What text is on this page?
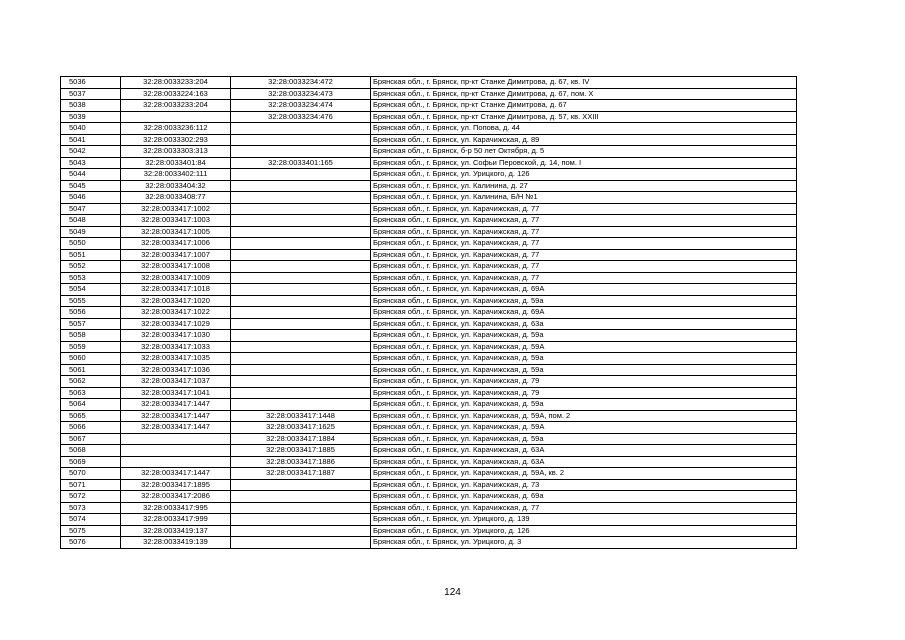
5036	32:28:0033233:204	32:28:0033234:472	Брянская обл., г. Брянск, пр-кт Станке Димитрова, д. 67, кв. IV
5037	32:28:0033224:163	32:28:0033234:473	Брянская обл., г. Брянск, пр-кт Станке Димитрова, д. 67, пом. X
5038	32:28:0033233:204	32:28:0033234:474	Брянская обл., г. Брянск, пр-кт Станке Димитрова, д. 67
5039		32:28:0033234:476	Брянская обл., г. Брянск, пр-кт Станке Димитрова, д. 57, кв. XXIII
5040	32:28:0033236:112		Брянская обл., г. Брянск, ул. Попова, д. 44
5041	32:28:0033302:293		Брянская обл., г. Брянск, ул. Карачижская, д. 89
5042	32:28:0033303:313		Брянская обл., г. Брянск, б-р 50 лет Октября, д. 5
5043	32:28:0033401:84	32:28:0033401:165	Брянская обл., г. Брянск, ул. Софьи Перовской, д. 14, пом. I
5044	32:28:0033402:111		Брянская обл., г. Брянск, ул. Урицкого, д. 126
5045	32:28:0033404:32		Брянская обл., г. Брянск, ул. Калинина, д. 27
5046	32:28:0033408:77		Брянская обл., г. Брянск, ул. Калинина, Б/Н №1
5047	32:28:0033417:1002		Брянская обл., г. Брянск, ул. Карачижская, д. 77
5048	32:28:0033417:1003		Брянская обл., г. Брянск, ул. Карачижская, д. 77
5049	32:28:0033417:1005		Брянская обл., г. Брянск, ул. Карачижская, д. 77
5050	32:28:0033417:1006		Брянская обл., г. Брянск, ул. Карачижская, д. 77
5051	32:28:0033417:1007		Брянская обл., г. Брянск, ул. Карачижская, д. 77
5052	32:28:0033417:1008		Брянская обл., г. Брянск, ул. Карачижская, д. 77
5053	32:28:0033417:1009		Брянская обл., г. Брянск, ул. Карачижская, д. 77
5054	32:28:0033417:1018		Брянская обл., г. Брянск, ул. Карачижская, д. 69А
5055	32:28:0033417:1020		Брянская обл., г. Брянск, ул. Карачижская, д. 59а
5056	32:28:0033417:1022		Брянская обл., г. Брянск, ул. Карачижская, д. 69А
5057	32:28:0033417:1029		Брянская обл., г. Брянск, ул. Карачижская, д. 63а
5058	32:28:0033417:1030		Брянская обл., г. Брянск, ул. Карачижская, д. 59а
5059	32:28:0033417:1033		Брянская обл., г. Брянск, ул. Карачижская, д. 59А
5060	32:28:0033417:1035		Брянская обл., г. Брянск, ул. Карачижская, д. 59а
5061	32:28:0033417:1036		Брянская обл., г. Брянск, ул. Карачижская, д. 59а
5062	32:28:0033417:1037		Брянская обл., г. Брянск, ул. Карачижская, д. 79
5063	32:28:0033417:1041		Брянская обл., г. Брянск, ул. Карачижская, д. 79
5064	32:28:0033417:1447		Брянская обл., г. Брянск, ул. Карачижская, д. 59а
5065	32:28:0033417:1447	32:28:0033417:1448	Брянская обл., г. Брянск, ул. Карачижская, д. 59А, пом. 2
5066	32:28:0033417:1447	32:28:0033417:1625	Брянская обл., г. Брянск, ул. Карачижская, д. 59А
5067		32:28:0033417:1884	Брянская обл., г. Брянск, ул. Карачижская, д. 59а
5068		32:28:0033417:1885	Брянская обл., г. Брянск, ул. Карачижская, д. 63А
5069		32:28:0033417:1886	Брянская обл., г. Брянск, ул. Карачижская, д. 63А
5070	32:28:0033417:1447	32:28:0033417:1887	Брянская обл., г. Брянск, ул. Карачижская, д. 59А, кв. 2
5071	32:28:0033417:1895		Брянская обл., г. Брянск, ул. Карачижская, д. 73
5072	32:28:0033417:2086		Брянская обл., г. Брянск, ул. Карачижская, д. 69а
5073	32:28:0033417:995		Брянская обл., г. Брянск, ул. Карачижская, д. 77
5074	32:28:0033417:999		Брянская обл., г. Брянск, ул. Урицкого, д. 139
5075	32:28:0033419:137		Брянская обл., г. Брянск, ул. Урицкого, д. 126
5076	32:28:0033419:139		Брянская обл., г. Брянск, ул. Урицкого, д. 3
124
